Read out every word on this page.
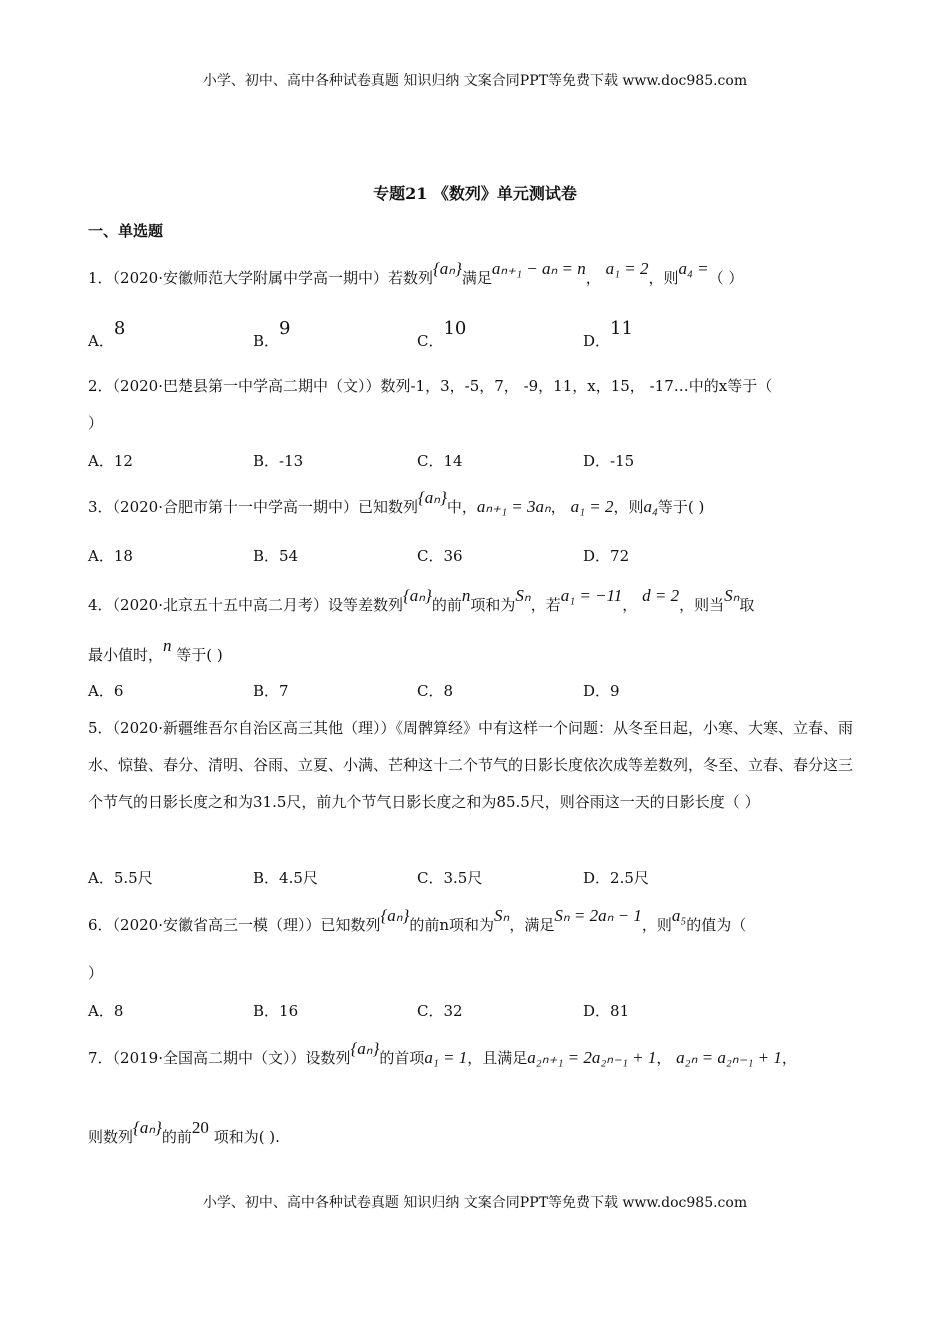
小学、初中、高中各种试卷真题 知识归纳 文案合同PPT等免费下载 www.doc985.com
专题21 《数列》单元测试卷
一、单选题
1．（2020·安徽师范大学附属中学高一期中）若数列{aₙ}满足aₙ₊₁ − aₙ = n， a₁ = 2，则a₄ =（ ）
A．8
B．9
C．10
D．11
2．（2020·巴楚县第一中学高二期中（文））数列-1，3，-5，7， -9，11，x，15， -17…中的x等于（
）
A．12	B．-13	C．14	D．-15
3．（2020·合肥市第十一中学高一期中）已知数列{aₙ}中，aₙ₊₁ = 3aₙ， a₁ = 2，则a₄等于( )
A．18	B．54	C．36	D．72
4．（2020·北京五十五中高二月考）设等差数列{aₙ}的前n项和为Sₙ，若a₁ = −11， d = 2，则当Sₙ取
最小值时，n 等于( )
A．6	B．7	C．8	D．9
5．（2020·新疆维吾尔自治区高三其他（理））《周髀算经》中有这样一个问题：从冬至日起，小寒、大寒、立春、雨水、惊蛰、春分、清明、谷雨、立夏、小满、芒种这十二个节气的日影长度依次成等差数列，冬至、立春、春分这三个节气的日影长度之和为31.5尺，前九个节气日影长度之和为85.5尺，则谷雨这一天的日影长度（ ）
A．5.5尺	B．4.5尺	C．3.5尺	D．2.5尺
6．（2020·安徽省高三一模（理））已知数列{aₙ}的前n项和为Sₙ，满足Sₙ = 2aₙ − 1，则a₅的值为（
）
A．8	B．16	C．32	D．81
7．（2019·全国高二期中（文））设数列{aₙ}的首项a₁ = 1，且满足a₂ₙ₊₁ = 2a₂ₙ₋₁ + 1， a₂ₙ = a₂ₙ₋₁ + 1，
则数列{aₙ}的前20 项和为( ).
小学、初中、高中各种试卷真题 知识归纳 文案合同PPT等免费下载 www.doc985.com
